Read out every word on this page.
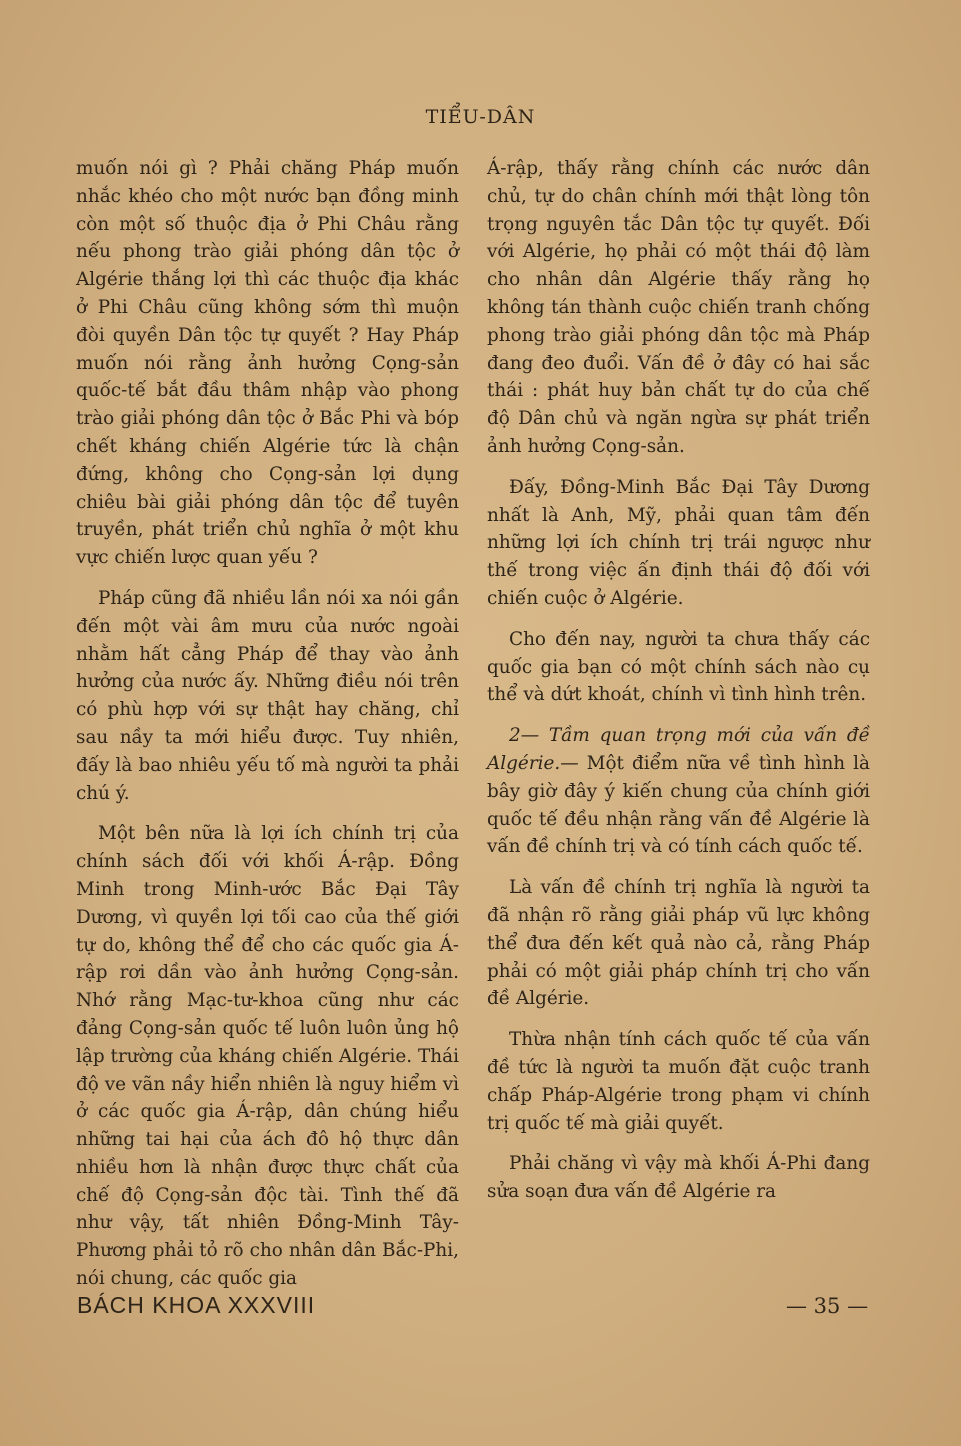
TIỂU-DÂN

muốn nói gì ? Phải chăng Pháp muốn nhắc khéo cho một nước bạn đồng minh còn một số thuộc địa ở Phi Châu rằng nếu phong trào giải phóng dân tộc ở Algérie thắng lợi thì các thuộc địa khác ở Phi Châu cũng không sớm thì muộn đòi quyền Dân tộc tự quyết ? Hay Pháp muốn nói rằng ảnh hưởng Cọng-sản quốc-tế bắt đầu thâm nhập vào phong trào giải phóng dân tộc ở Bắc Phi và bóp chết kháng chiến Algérie tức là chận đứng, không cho Cọng-sản lợi dụng chiêu bài giải phóng dân tộc để tuyên truyền, phát triển chủ nghĩa ở một khu vực chiến lược quan yếu ?

Pháp cũng đã nhiều lần nói xa nói gần đến một vài âm mưu của nước ngoài nhằm hất cẳng Pháp để thay vào ảnh hưởng của nước ấy. Những điều nói trên có phù hợp với sự thật hay chăng, chỉ sau nầy ta mới hiểu được. Tuy nhiên, đấy là bao nhiêu yếu tố mà người ta phải chú ý.

Một bên nữa là lợi ích chính trị của chính sách đối với khối Á-rập. Đồng Minh trong Minh-ước Bắc Đại Tây Dương, vì quyền lợi tối cao của thế giới tự do, không thể để cho các quốc gia Á-rập rơi dần vào ảnh hưởng Cọng-sản. Nhớ rằng Mạc-tư-khoa cũng như các đảng Cọng-sản quốc tế luôn luôn ủng hộ lập trường của kháng chiến Algérie. Thái độ ve vãn nầy hiển nhiên là nguy hiểm vì ở các quốc gia Á-rập, dân chúng hiểu những tai hại của ách đô hộ thực dân nhiều hơn là nhận được thực chất của chế độ Cọng-sản độc tài. Tình thế đã như vậy, tất nhiên Đồng-Minh Tây-Phương phải tỏ rõ cho nhân dân Bắc-Phi, nói chung, các quốc gia

Á-rập, thấy rằng chính các nước dân chủ, tự do chân chính mới thật lòng tôn trọng nguyên tắc Dân tộc tự quyết. Đối với Algérie, họ phải có một thái độ làm cho nhân dân Algérie thấy rằng họ không tán thành cuộc chiến tranh chống phong trào giải phóng dân tộc mà Pháp đang đeo đuổi. Vấn đề ở đây có hai sắc thái : phát huy bản chất tự do của chế độ Dân chủ và ngăn ngừa sự phát triển ảnh hưởng Cọng-sản.

Đấy, Đồng-Minh Bắc Đại Tây Dương nhất là Anh, Mỹ, phải quan tâm đến những lợi ích chính trị trái ngược như thế trong việc ấn định thái độ đối với chiến cuộc ở Algérie.

Cho đến nay, người ta chưa thấy các quốc gia bạn có một chính sách nào cụ thể và dứt khoát, chính vì tình hình trên.

2— Tầm quan trọng mới của vấn đề Algérie.— Một điểm nữa về tình hình là bây giờ đây ý kiến chung của chính giới quốc tế đều nhận rằng vấn đề Algérie là vấn đề chính trị và có tính cách quốc tế.

Là vấn đề chính trị nghĩa là người ta đã nhận rõ rằng giải pháp vũ lực không thể đưa đến kết quả nào cả, rằng Pháp phải có một giải pháp chính trị cho vấn đề Algérie.

Thừa nhận tính cách quốc tế của vấn đề tức là người ta muốn đặt cuộc tranh chấp Pháp-Algérie trong phạm vi chính trị quốc tế mà giải quyết.

Phải chăng vì vậy mà khối Á-Phi đang sửa soạn đưa vấn đề Algérie ra

BÁCH KHOA XXXVIII	— 35 —
